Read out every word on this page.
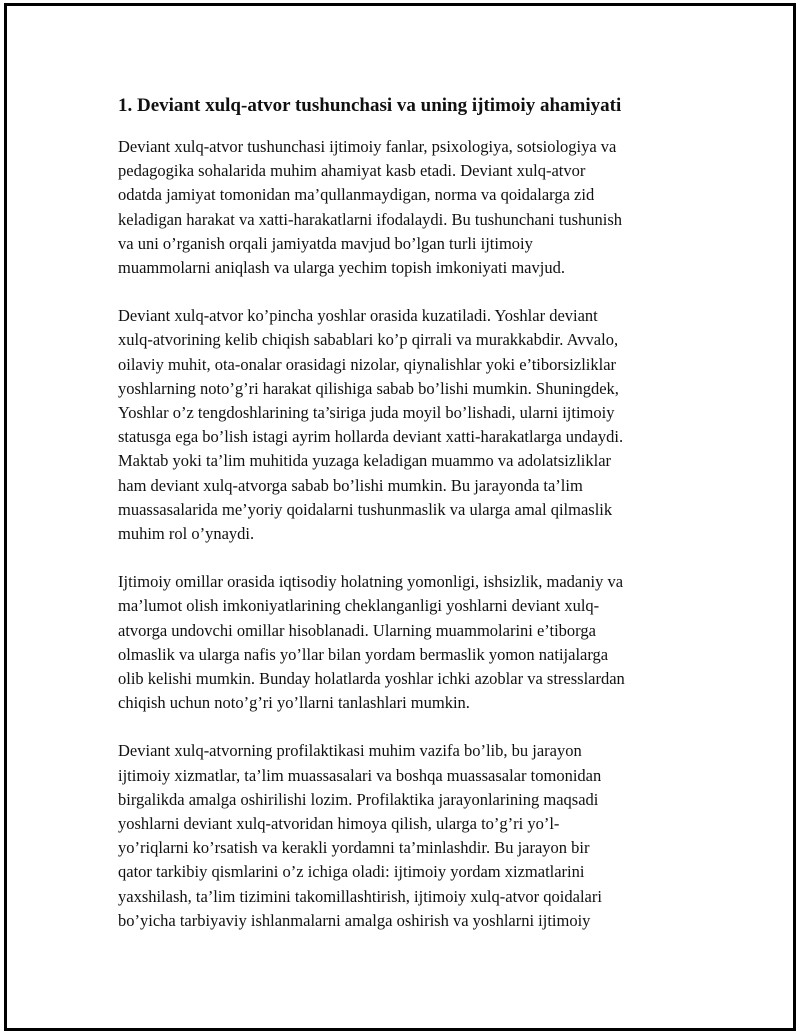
1. Deviant xulq-atvor tushunchasi va uning ijtimoiy ahamiyati
Deviant xulq-atvor tushunchasi ijtimoiy fanlar, psixologiya, sotsiologiya va
pedagogika sohalarida muhim ahamiyat kasb etadi. Deviant xulq-atvor
odatda jamiyat tomonidan ma’qullanmaydigan, norma va qoidalarga zid
keladigan harakat va xatti-harakatlarni ifodalaydi. Bu tushunchani tushunish
va uni o’rganish orqali jamiyatda mavjud bo’lgan turli ijtimoiy
muammolarni aniqlash va ularga yechim topish imkoniyati mavjud.
Deviant xulq-atvor ko’pincha yoshlar orasida kuzatiladi. Yoshlar deviant
xulq-atvorining kelib chiqish sabablari ko’p qirrali va murakkabdir. Avvalo,
oilaviy muhit, ota-onalar orasidagi nizolar, qiynalishlar yoki e’tiborsizliklar
yoshlarning noto’g’ri harakat qilishiga sabab bo’lishi mumkin. Shuningdek,
Yoshlar o’z tengdoshlarining ta’siriga juda moyil bo’lishadi, ularni ijtimoiy
statusga ega bo’lish istagi ayrim hollarda deviant xatti-harakatlarga undaydi.
Maktab yoki ta’lim muhitida yuzaga keladigan muammo va adolatsizliklar
ham deviant xulq-atvorga sabab bo’lishi mumkin. Bu jarayonda ta’lim
muassasalarida me’yoriy qoidalarni tushunmaslik va ularga amal qilmaslik
muhim rol o’ynaydi.
Ijtimoiy omillar orasida iqtisodiy holatning yomonligi, ishsizlik, madaniy va
ma’lumot olish imkoniyatlarining cheklanganligi yoshlarni deviant xulq-
atvorga undovchi omillar hisoblanadi. Ularning muammolarini e’tiborga
olmaslik va ularga nafis yo’llar bilan yordam bermaslik yomon natijalarga
olib kelishi mumkin. Bunday holatlarda yoshlar ichki azoblar va stresslardan
chiqish uchun noto’g’ri yo’llarni tanlashlari mumkin.
Deviant xulq-atvorning profilaktikasi muhim vazifa bo’lib, bu jarayon
ijtimoiy xizmatlar, ta’lim muassasalari va boshqa muassasalar tomonidan
birgalikda amalga oshirilishi lozim. Profilaktika jarayonlarining maqsadi
yoshlarni deviant xulq-atvoridan himoya qilish, ularga to’g’ri yo’l-
yo’riqlarni ko’rsatish va kerakli yordamni ta’minlashdir. Bu jarayon bir
qator tarkibiy qismlarini o’z ichiga oladi: ijtimoiy yordam xizmatlarini
yaxshilash, ta’lim tizimini takomillashtirish, ijtimoiy xulq-atvor qoidalari
bo’yicha tarbiyaviy ishlanmalarni amalga oshirish va yoshlarni ijtimoiy
